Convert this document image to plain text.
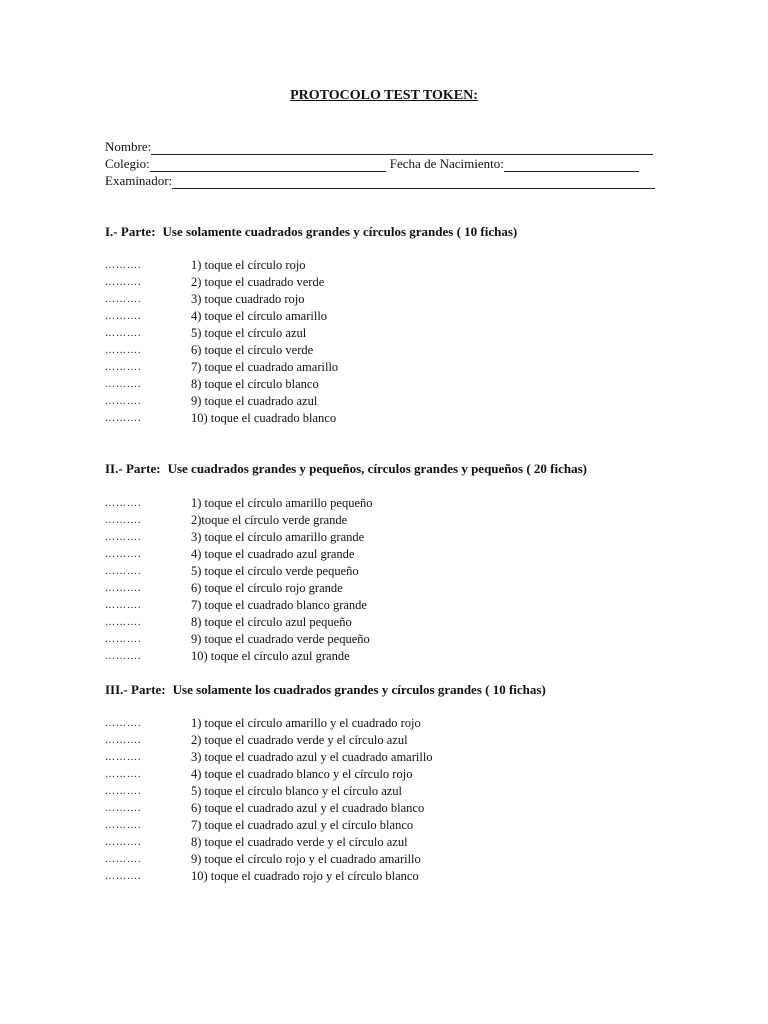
PROTOCOLO TEST TOKEN:
Nombre:
Colegio:	Fecha de Nacimiento:
Examinador:
I.- Parte: Use solamente cuadrados grandes y círculos grandes ( 10 fichas)
……….	1) toque el círculo rojo
……….	2) toque el cuadrado verde
……….	3) toque cuadrado rojo
……….	4) toque el círculo amarillo
……….	5) toque el círculo azul
……….	6) toque el círculo verde
……….	7) toque el cuadrado amarillo
……….	8) toque el círculo blanco
……….	9) toque el cuadrado azul
……….	10) toque el cuadrado blanco
II.- Parte: Use cuadrados grandes y pequeños, círculos grandes y pequeños ( 20 fichas)
……….	1) toque el círculo amarillo pequeño
……….	2)toque el círculo verde grande
……….	3) toque el círculo amarillo grande
……….	4) toque el cuadrado azul grande
……….	5) toque el círculo verde pequeño
……….	6) toque el círculo rojo grande
……….	7) toque el cuadrado blanco grande
……….	8) toque el círculo azul pequeño
……….	9) toque el cuadrado verde pequeño
……….	10) toque el círculo azul grande
III.- Parte: Use solamente los cuadrados grandes y círculos grandes ( 10 fichas)
……….	1) toque el círculo amarillo y el cuadrado rojo
……….	2) toque el cuadrado verde y el círculo azul
……….	3) toque el cuadrado azul y el cuadrado amarillo
……….	4) toque el cuadrado blanco y el círculo rojo
……….	5) toque el círculo blanco y el círculo azul
……….	6) toque el cuadrado azul y el cuadrado blanco
……….	7) toque el cuadrado azul y el círculo blanco
……….	8) toque el cuadrado verde y el círculo azul
……….	9) toque el círculo rojo y el cuadrado amarillo
……….	10) toque el cuadrado rojo y el círculo blanco
